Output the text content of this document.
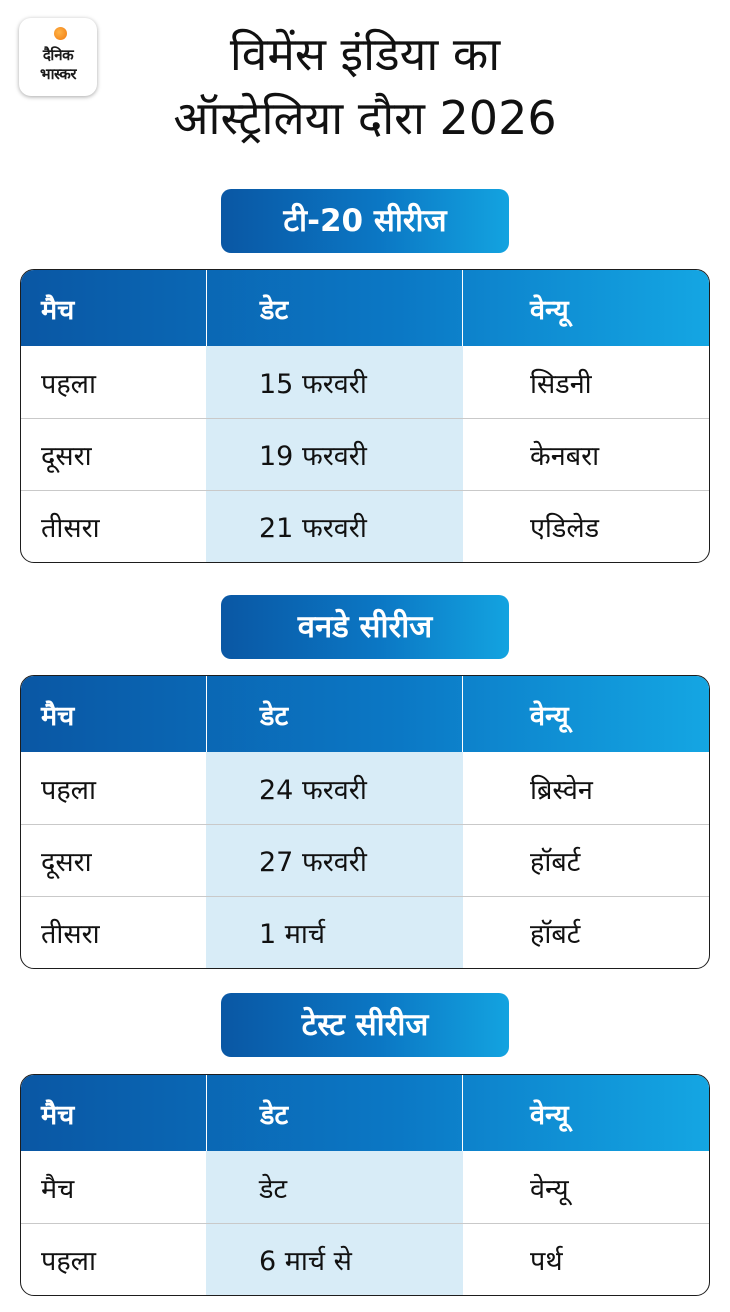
दैनिक
भास्कर	विमेंस इंडिया का
ऑस्ट्रेलिया दौरा 2026
टी-20 सीरीज
मैच	डेट	वेन्यू
पहला	15 फरवरी	सिडनी
दूसरा	19 फरवरी	केनबरा
तीसरा	21 फरवरी	एडिलेड
वनडे सीरीज
मैच	डेट	वेन्यू
पहला	24 फरवरी	ब्रिस्वेन
दूसरा	27 फरवरी	हॉबर्ट
तीसरा	1 मार्च	हॉबर्ट
टेस्ट सीरीज
मैच	डेट	वेन्यू
मैच	डेट	वेन्यू
पहला	6 मार्च से	पर्थ
